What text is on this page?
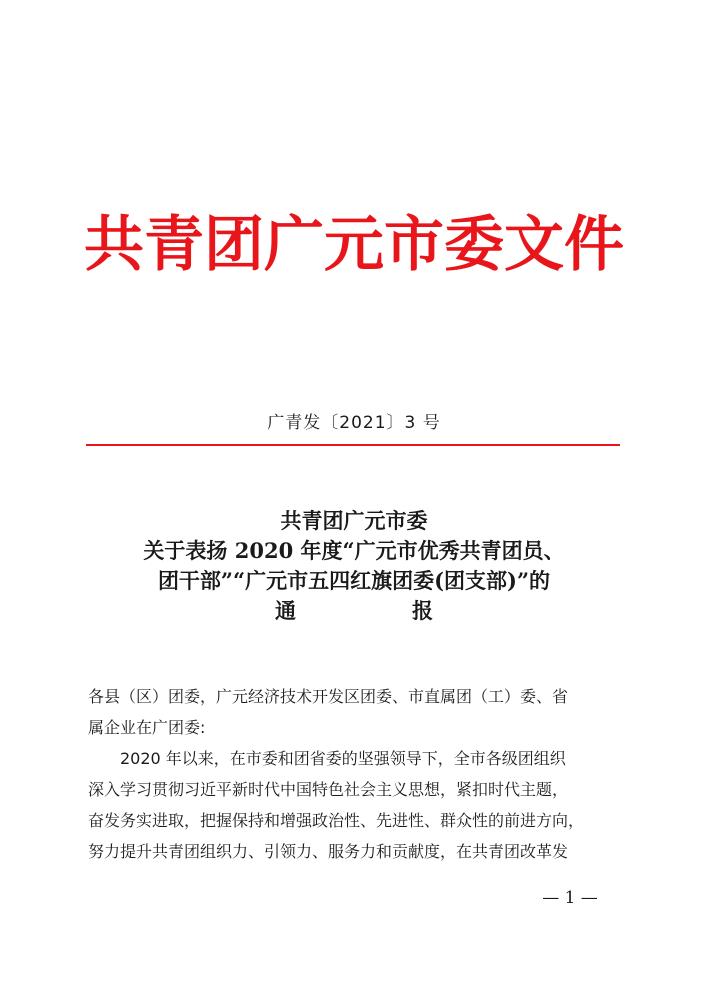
共青团广元市委文件
广青发〔2021〕3 号
共青团广元市委
关于表扬 2020 年度“广元市优秀共青团员、
团干部”“广元市五四红旗团委(团支部)”的
通	报

各县（区）团委，广元经济技术开发区团委、市直属团（工）委、省

属企业在广团委:

2020 年以来，在市委和团省委的坚强领导下，全市各级团组织

深入学习贯彻习近平新时代中国特色社会主义思想，紧扣时代主题，

奋发务实进取，把握保持和增强政治性、先进性、群众性的前进方向，

努力提升共青团组织力、引领力、服务力和贡献度，在共青团改革发

— 1 —
